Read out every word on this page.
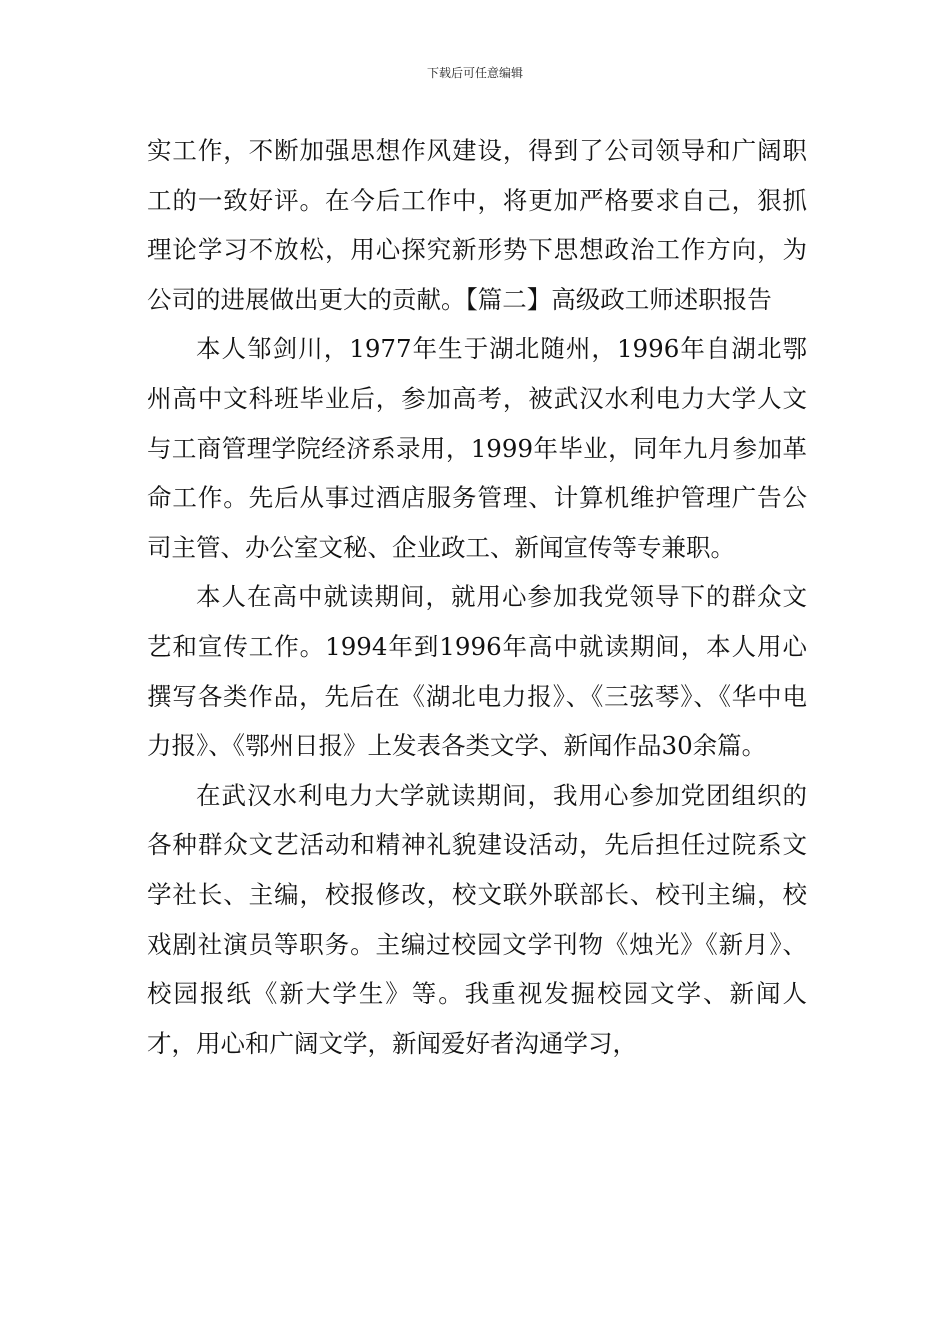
下载后可任意编辑

实工作，不断加强思想作风建设，得到了公司领导和广阔职工的一致好评。在今后工作中，将更加严格要求自己，狠抓理论学习不放松，用心探究新形势下思想政治工作方向，为公司的进展做出更大的贡献。【篇二】高级政工师述职报告

本人邹剑川，1977年生于湖北随州，1996年自湖北鄂州高中文科班毕业后，参加高考，被武汉水利电力大学人文与工商管理学院经济系录用，1999年毕业，同年九月参加革命工作。先后从事过酒店服务管理、计算机维护管理广告公司主管、办公室文秘、企业政工、新闻宣传等专兼职。

本人在高中就读期间，就用心参加我党领导下的群众文艺和宣传工作。1994年到1996年高中就读期间，本人用心撰写各类作品，先后在《湖北电力报》、《三弦琴》、《华中电力报》、《鄂州日报》上发表各类文学、新闻作品30余篇。

在武汉水利电力大学就读期间，我用心参加党团组织的各种群众文艺活动和精神礼貌建设活动，先后担任过院系文学社长、主编，校报修改，校文联外联部长、校刊主编，校戏剧社演员等职务。主编过校园文学刊物《烛光》《新月》、校园报纸《新大学生》等。我重视发掘校园文学、新闻人才，用心和广阔文学，新闻爱好者沟通学习，
